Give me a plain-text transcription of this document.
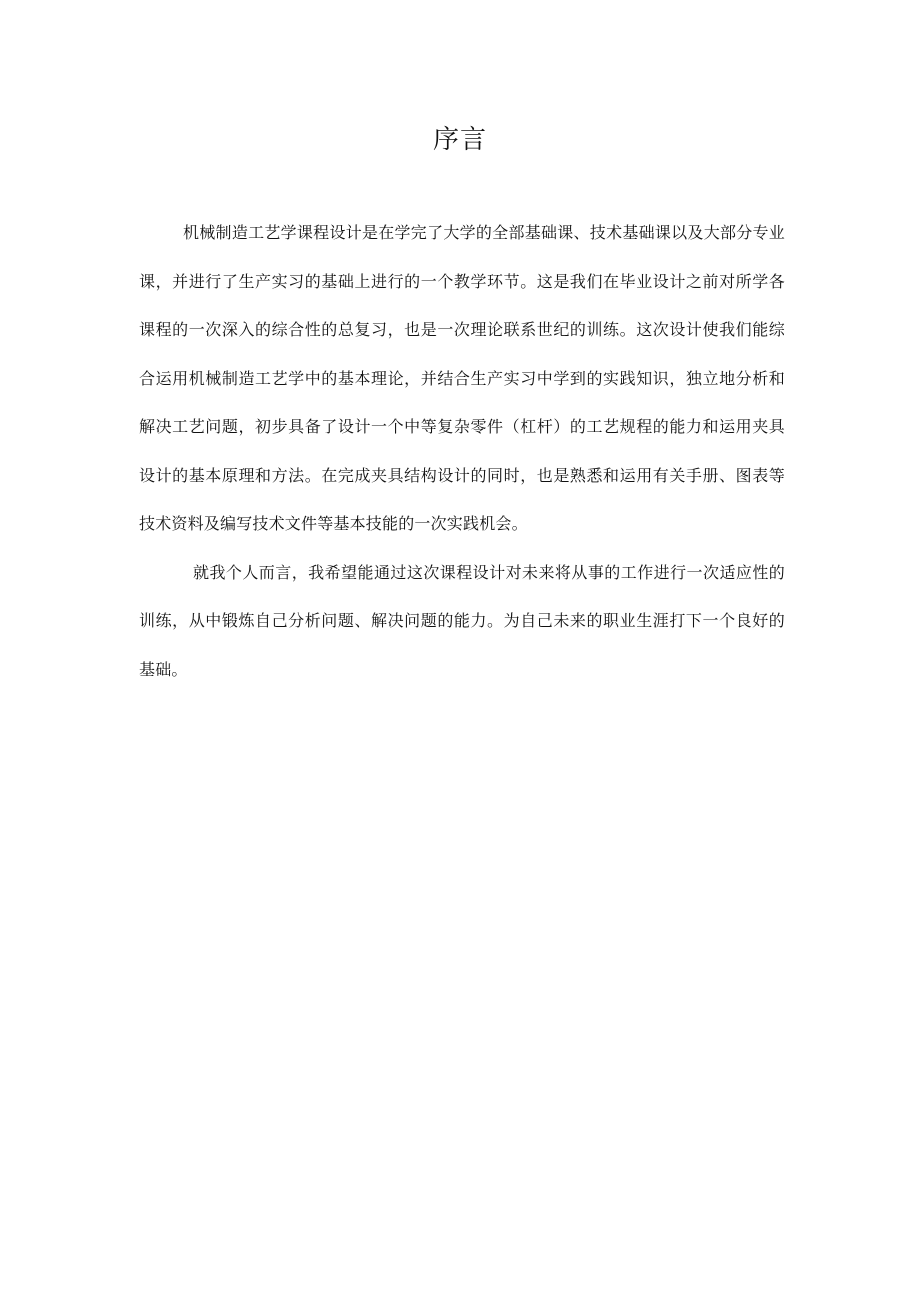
序言

机械制造工艺学课程设计是在学完了大学的全部基础课、技术基础课以及大部分专业课，并进行了生产实习的基础上进行的一个教学环节。这是我们在毕业设计之前对所学各课程的一次深入的综合性的总复习，也是一次理论联系世纪的训练。这次设计使我们能综合运用机械制造工艺学中的基本理论，并结合生产实习中学到的实践知识，独立地分析和解决工艺问题，初步具备了设计一个中等复杂零件（杠杆）的工艺规程的能力和运用夹具设计的基本原理和方法。在完成夹具结构设计的同时，也是熟悉和运用有关手册、图表等技术资料及编写技术文件等基本技能的一次实践机会。

就我个人而言，我希望能通过这次课程设计对未来将从事的工作进行一次适应性的训练，从中锻炼自己分析问题、解决问题的能力。为自己未来的职业生涯打下一个良好的基础。
